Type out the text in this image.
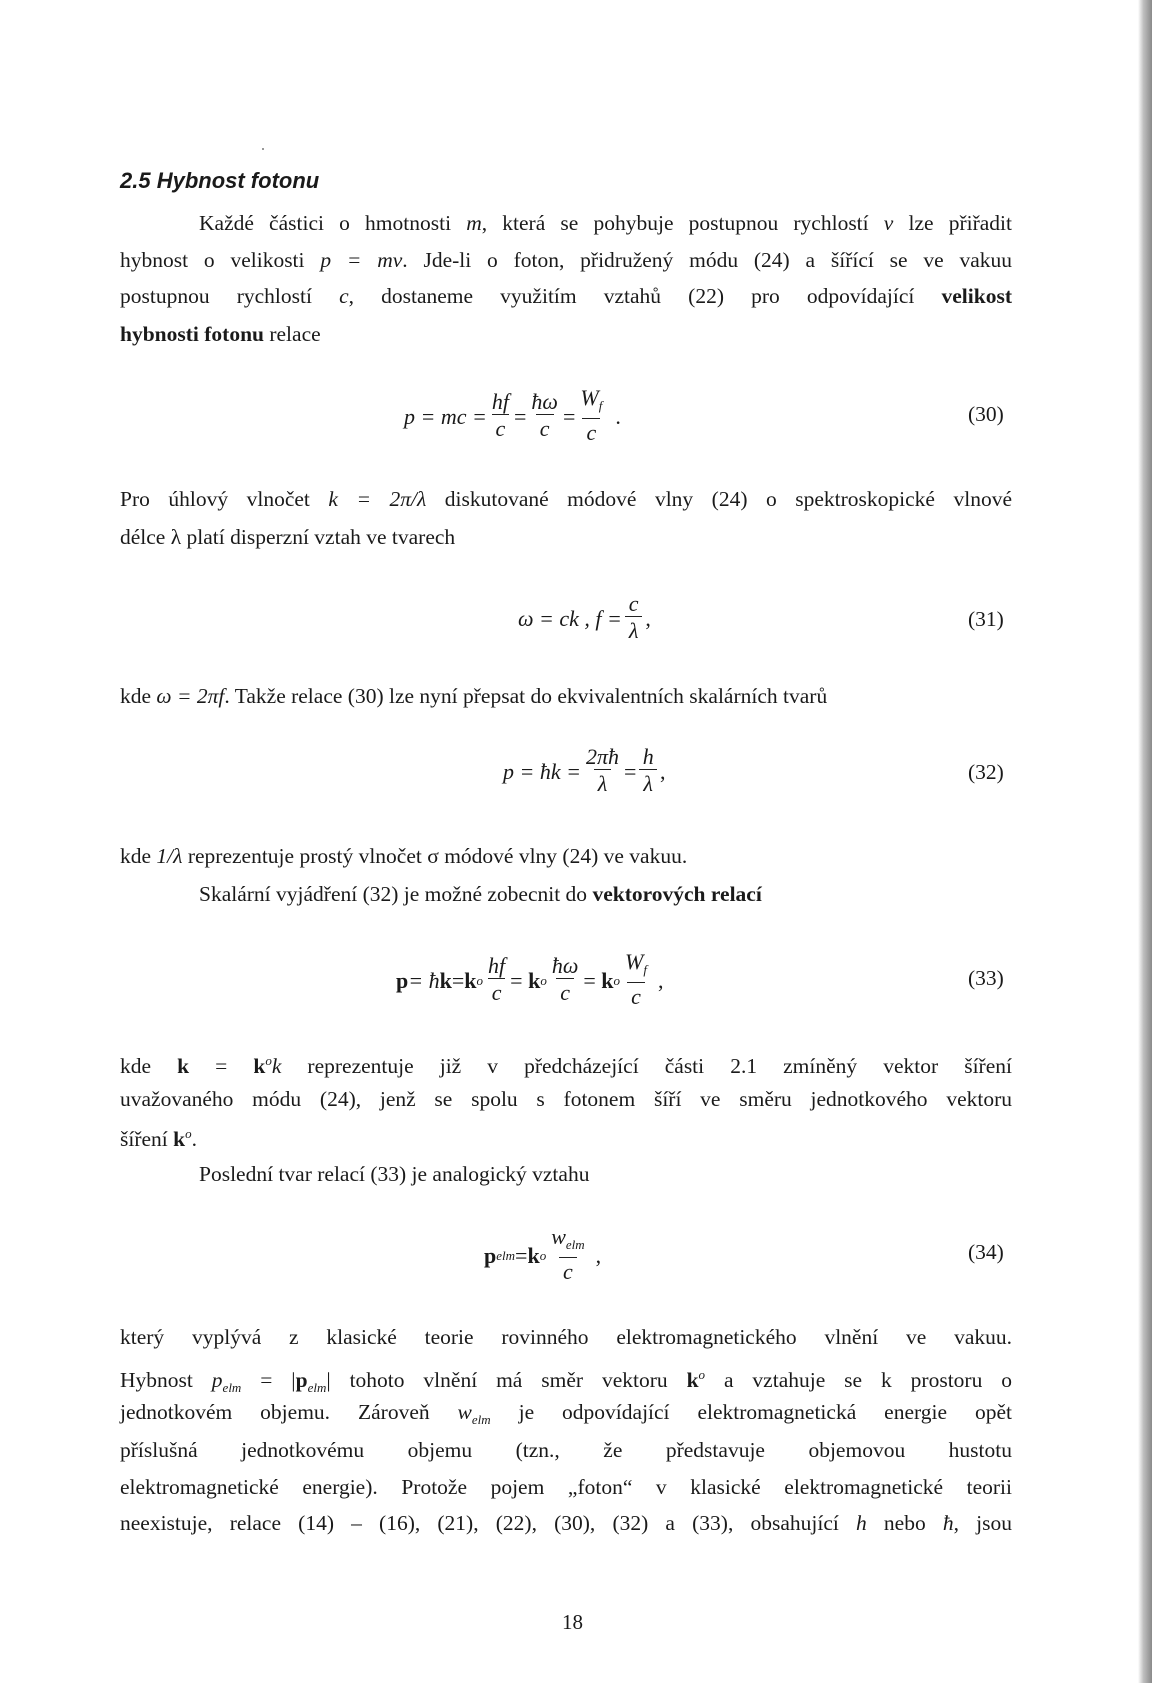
2.5 Hybnost fotonu
Každé částici o hmotnosti m, která se pohybuje postupnou rychlostí v lze přiřadit
hybnost o velikosti p = mv. Jde-li o foton, přidružený módu (24) a šířící se ve vakuu
postupnou rychlostí c, dostaneme využitím vztahů (22) pro odpovídající velikost
hybnosti fotonu relace
p = mc = $\frac{hf}{c} = \frac{ħ\omega}{c} = \frac{W_f}{c}$ .	(30)
Pro úhlový vlnočet k = 2π/λ diskutované módové vlny (24) o spektroskopické vlnové
délce λ platí disperzní vztah ve tvarech
ω = ck , $f = \frac{c}{\lambda}$ ,	(31)
kde ω = 2πf. Takže relace (30) lze nyní přepsat do ekvivalentních skalárních tvarů
p = ħk = $\frac{2\pi ħ}{\lambda} = \frac{h}{\lambda}$ ,	(32)
kde 1/λ reprezentuje prostý vlnočet σ módové vlny (24) ve vakuu.
Skalární vyjádření (32) je možné zobecnit do vektorových relací
p = ħ k = k o $\frac{hf}{c}$ =
k o $\frac{ħ\omega}{c}$ =
k o $\frac{W_f}{c}$ ,	(33)
kde $k = k^ok$ reprezentuje již v předcházející části 2.1 zmíněný vektor šíření
uvažovaného módu (24), jenž se spolu s fotonem šíří ve směru jednotkového vektoru
šíření $k^o$.
Poslední tvar relací (33) je analogický vztahu
p elm = k o $\frac{w_{elm}}{c}$ ,	(34)
který vyplývá z klasické teorie rovinného elektromagnetického vlnění ve vakuu.
Hybnost $p_{elm} = |p_{elm}|$ tohoto vlnění má směr vektoru $k^o$ a vztahuje se k prostoru o
jednotkovém objemu. Zároveň $w_{elm}$ je odpovídající elektromagnetická energie opět
příslušná jednotkovému objemu (tzn., že představuje objemovou hustotu
elektromagnetické energie). Protože pojem „foton“ v klasické elektromagnetické teorii
neexistuje, relace (14) – (16), (21), (22), (30), (32) a (33), obsahující h nebo ħ, jsou
18
